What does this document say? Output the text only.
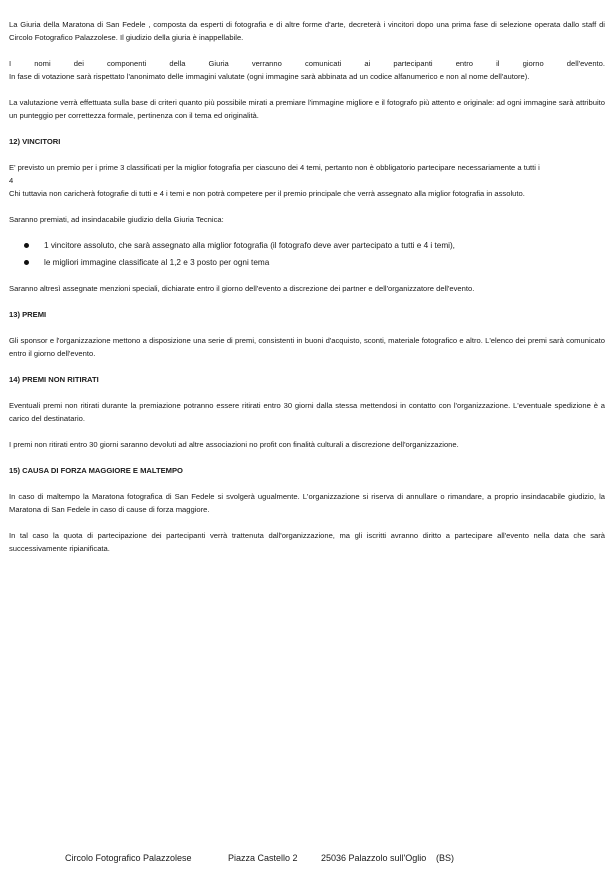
La Giuria della Maratona di San Fedele , composta da esperti di fotografia e di altre forme d'arte, decreterà i vincitori dopo una prima fase di selezione operata dallo staff di Circolo Fotografico Palazzolese. Il giudizio della giuria è inappellabile.

I nomi dei componenti della Giuria verranno comunicati ai partecipanti entro il giorno dell'evento.

In fase di votazione sarà rispettato l'anonimato delle immagini valutate (ogni immagine sarà abbinata ad un codice alfanumerico e non al nome dell'autore).

La valutazione verrà effettuata sulla base di criteri quanto più possibile mirati a premiare l'immagine migliore e il fotografo più attento e originale: ad ogni immagine sarà attribuito un punteggio per correttezza formale, pertinenza con il tema ed originalità.

12) VINCITORI

E' previsto un premio per i prime 3 classificati per la miglior fotografia per ciascuno dei 4 temi, pertanto non è obbligatorio partecipare necessariamente a tutti i

4

Chi tuttavia non caricherà fotografie di tutti e 4 i temi e non potrà competere per il premio principale che verrà assegnato alla miglior fotografia in assoluto.

Saranno premiati, ad insindacabile giudizio della Giuria Tecnica:

1 vincitore assoluto, che sarà assegnato alla miglior fotografia (il fotografo deve aver partecipato a tutti e 4 i temi),
le migliori immagine classificate al 1,2 e 3 posto per ogni tema

Saranno altresì assegnate menzioni speciali, dichiarate entro il giorno dell'evento a discrezione dei partner e dell'organizzatore dell'evento.

13) PREMI

Gli sponsor e l'organizzazione mettono a disposizione una serie di premi, consistenti in buoni d'acquisto, sconti, materiale fotografico e altro. L'elenco dei premi sarà comunicato entro il giorno dell'evento.

14) PREMI NON RITIRATI

Eventuali premi non ritirati durante la premiazione potranno essere ritirati entro 30 giorni dalla stessa mettendosi in contatto con l'organizzazione. L'eventuale spedizione è a carico del destinatario.

I premi non ritirati entro 30 giorni saranno devoluti ad altre associazioni no profit con finalità culturali a discrezione dell'organizzazione.

15) CAUSA DI FORZA MAGGIORE E MALTEMPO

In caso di maltempo la Maratona fotografica di San Fedele si svolgerà ugualmente. L'organizzazione si riserva di annullare o rimandare, a proprio insindacabile giudizio, la Maratona di San Fedele in caso di cause di forza maggiore.

In tal caso la quota di partecipazione dei partecipanti verrà trattenuta dall'organizzazione, ma gli iscritti avranno diritto a partecipare all'evento nella data che sarà successivamente ripianificata.

Circolo Fotografico Palazzolese	Piazza Castello 2	25036 Palazzolo sull'Oglio (BS)
